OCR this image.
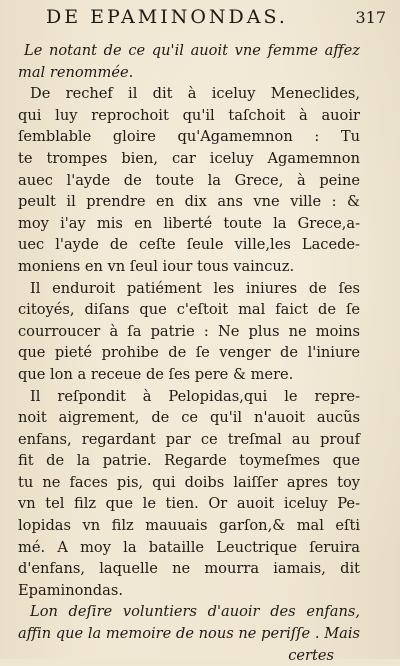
DE EPAMINONDAS.	317
Le notant de ce qu'il auoit vne femme affez
mal renommée.
De rechef il dit à iceluy Meneclides,
qui luy reprochoit qu'il taſchoit à auoir
ſemblable gloire qu'Agamemnon : Tu
te trompes bien, car iceluy Agamemnon
auec l'ayde de toute la Grece, à peine
peult il prendre en dix ans vne ville : &
moy i'ay mis en liberté toute la Grece,a-
uec l'ayde de ceſte ſeule ville,les Lacede-
moniens en vn ſeul iour tous vaincuz.
Il enduroit patiément les iniures de ſes
citoyés, diſans que c'eſtoit mal faict de ſe
courroucer à ſa patrie : Ne plus ne moins
que pieté prohibe de ſe venger de l'iniure
que lon a receue de ſes pere & mere.
Il reſpondit à Pelopidas,qui le repre-
noit aigrement, de ce qu'il n'auoit aucũs
enfans, regardant par ce treſmal au prouf
fit de la patrie. Regarde toymeſmes que
tu ne faces pis, qui doibs laiſſer apres toy
vn tel filz que le tien. Or auoit iceluy Pe-
lopidas vn filz mauuais garſon,& mal eſti
mé. A moy la bataille Leuctrique ſeruira
d'enfans, laquelle ne mourra iamais, dit
Epaminondas.
Lon deſire voluntiers d'auoir des enfans,
affin que la memoire de nous ne periſſe . Mais
certes
